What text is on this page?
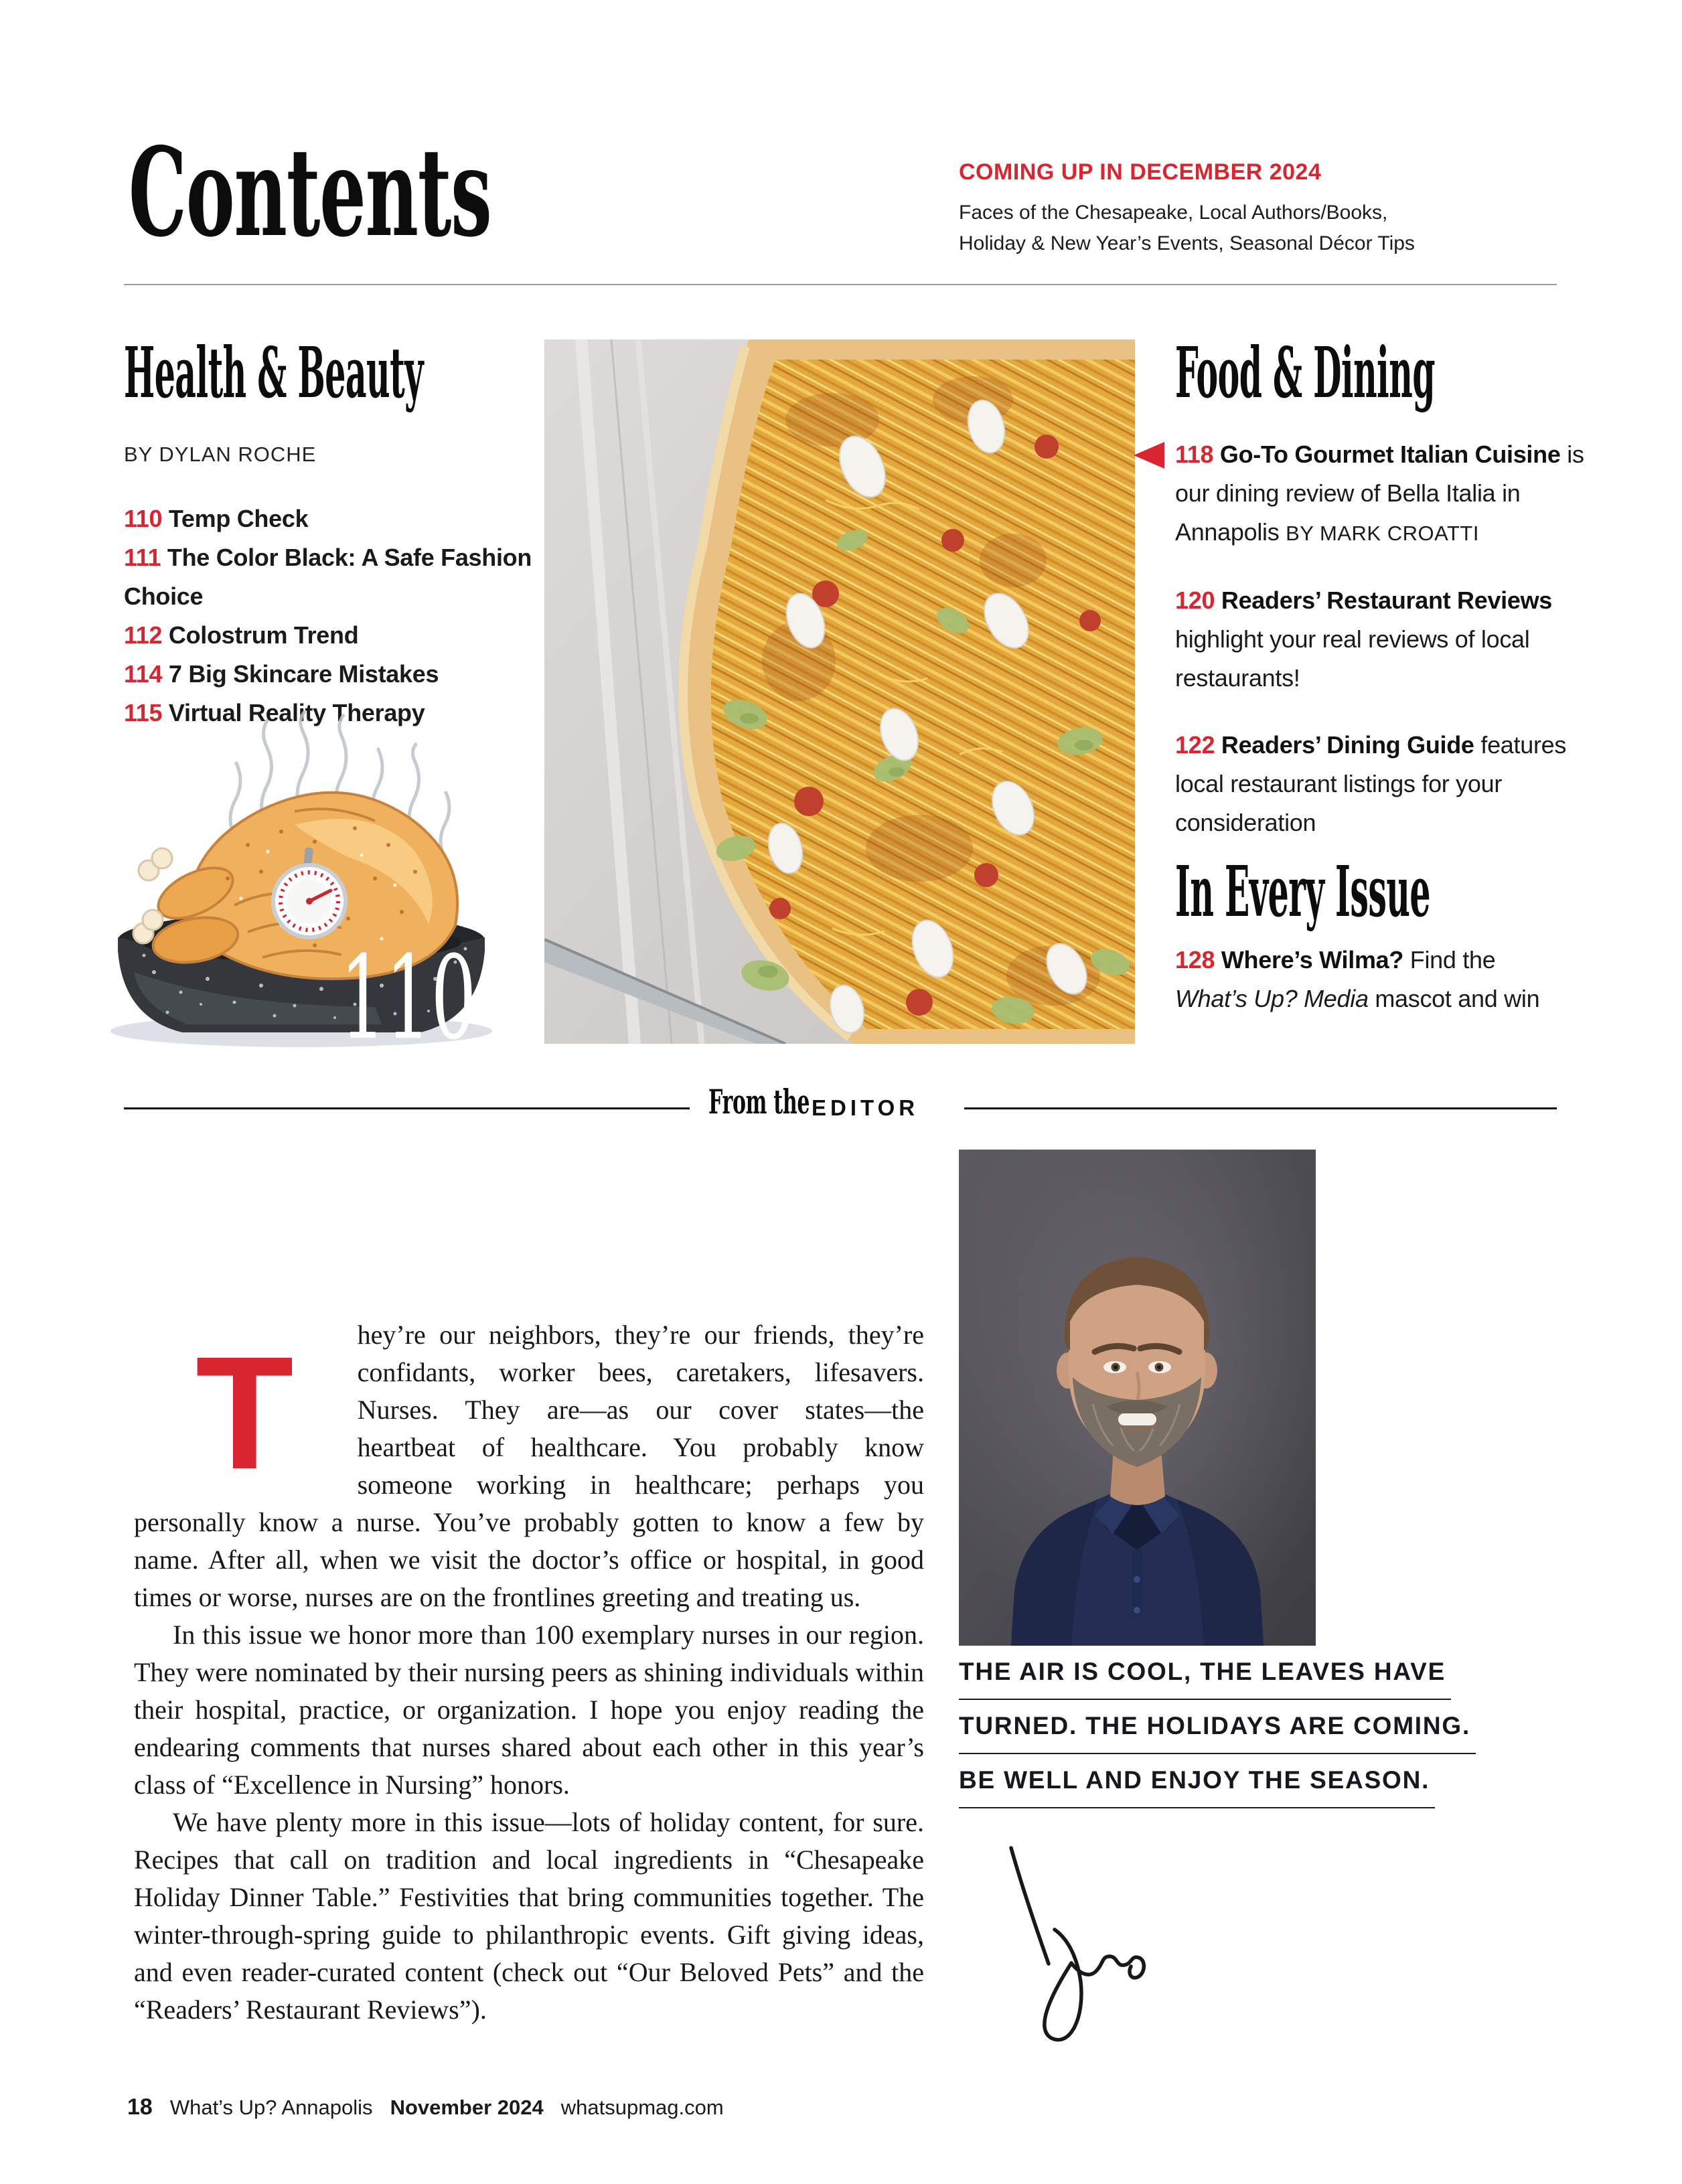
Contents	COMING UP IN DECEMBER 2024
Faces of the Chesapeake, Local Authors/Books,
Holiday & New Year’s Events, Seasonal Décor Tips
Health & Beauty
BY DYLAN ROCHE

110 Temp Check

111 The Color Black: A Safe Fashion Choice

112 Colostrum Trend

114 7 Big Skincare Mistakes

115 Virtual Reality Therapy

110
Food & Dining

118 Go-To Gourmet Italian Cuisine is our dining review of Bella Italia in Annapolis BY MARK CROATTI

120 Readers’ Restaurant Reviews highlight your real reviews of local restaurants!

122 Readers’ Dining Guide features local restaurant listings for your consideration

In Every Issue

128 Where’s Wilma? Find the
What’s Up? Media mascot and win

From the EDITOR

T hey’re our neighbors, they’re our friends, they’re confidants, worker bees, caretakers, lifesavers. Nurses. They are—as our cover states—the heartbeat of healthcare. You probably know someone working in healthcare; perhaps you personally know a nurse. You’ve probably gotten to know a few by name. After all, when we visit the doctor’s office or hospital, in good times or worse, nurses are on the frontlines greeting and treating us.

In this issue we honor more than 100 exemplary nurses in our region. They were nominated by their nursing peers as shining individuals within their hospital, practice, or organization. I hope you enjoy reading the endearing comments that nurses shared about each other in this year’s class of “Excellence in Nursing” honors.

We have plenty more in this issue—lots of holiday content, for sure. Recipes that call on tradition and local ingredients in “Chesapeake Holiday Dinner Table.” Festivities that bring communities together. The winter-through-spring guide to philanthropic events. Gift giving ideas, and even reader-curated content (check out “Our Beloved Pets” and the “Readers’ Restaurant Reviews”).

THE AIR IS COOL, THE LEAVES HAVE
TURNED. THE HOLIDAYS ARE COMING.
BE WELL AND ENJOY THE SEASON.
18 What’s Up? Annapolis November 2024 whatsupmag.com
